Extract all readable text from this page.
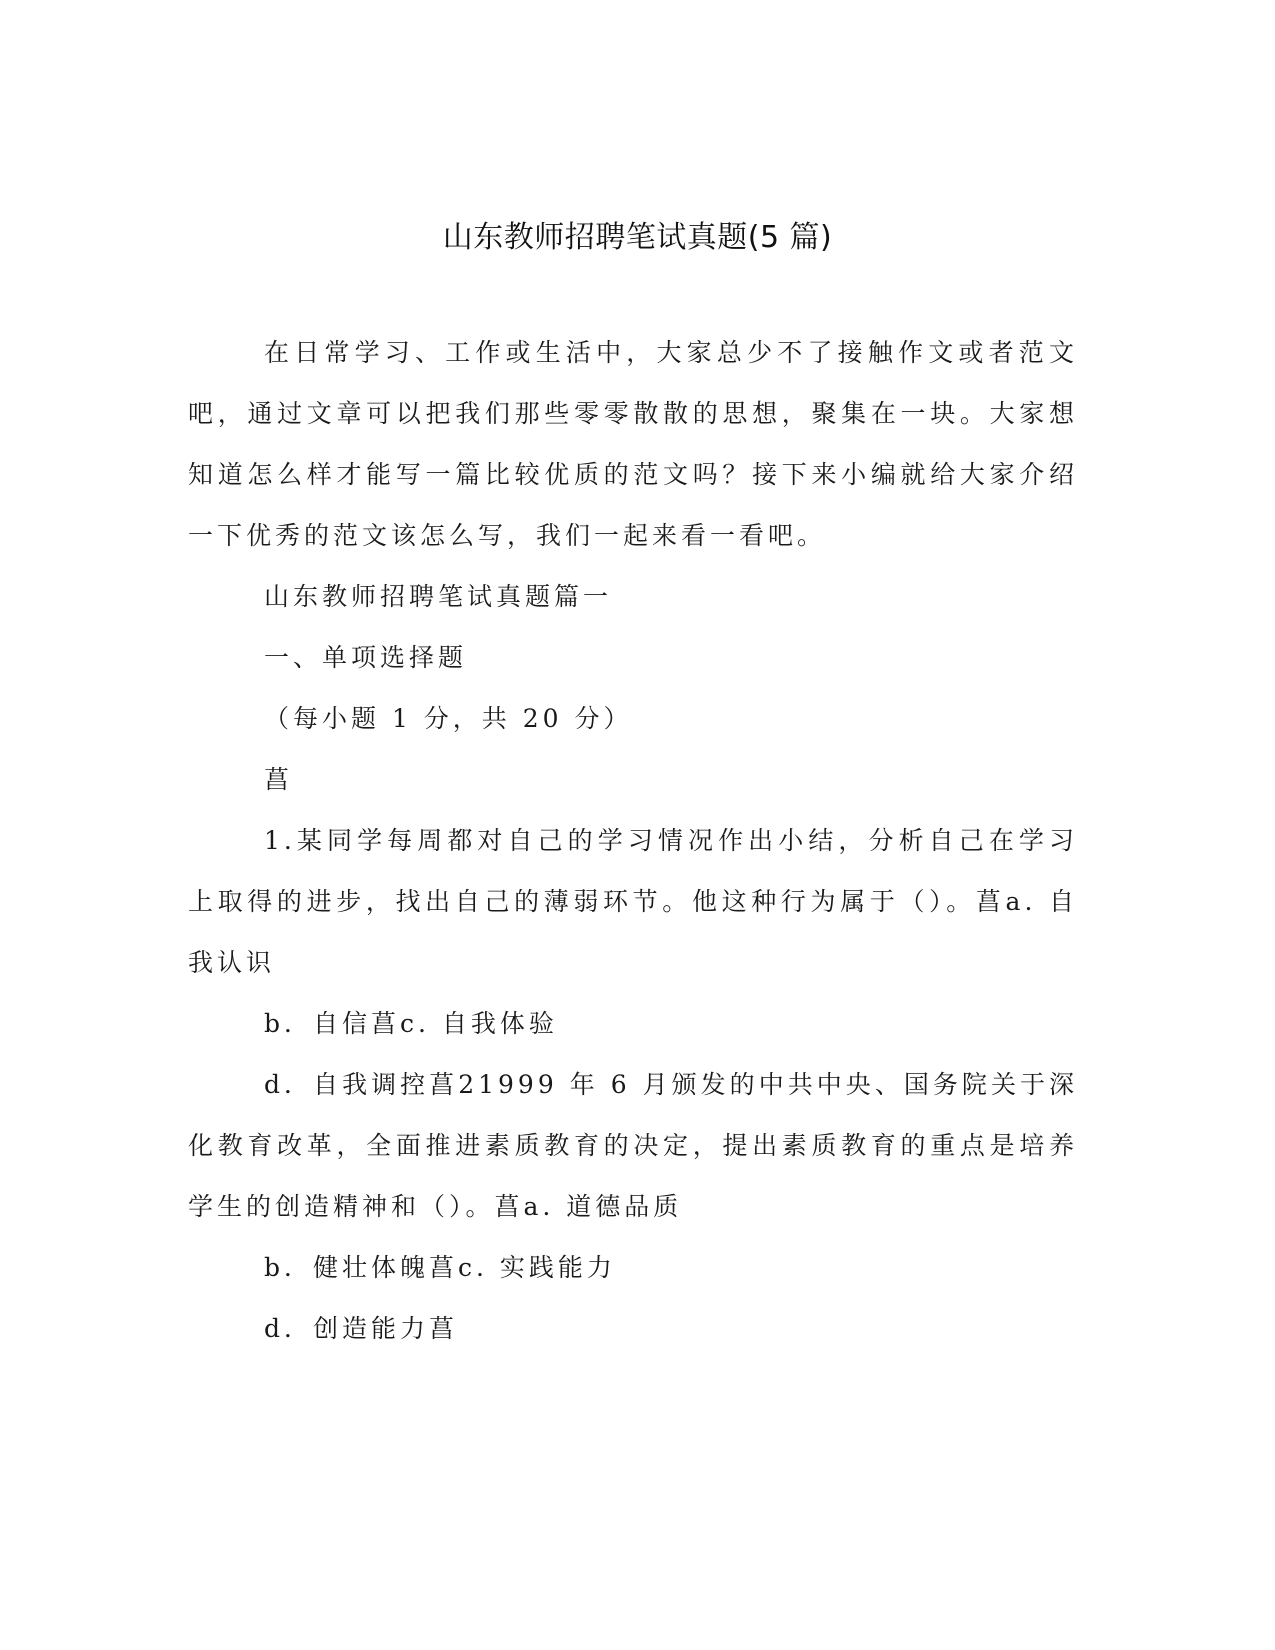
山东教师招聘笔试真题(5 篇)

在日常学习、工作或生活中，大家总少不了接触作文或者范文吧，通过文章可以把我们那些零零散散的思想，聚集在一块。大家想知道怎么样才能写一篇比较优质的范文吗？接下来小编就给大家介绍一下优秀的范文该怎么写，我们一起来看一看吧。

山东教师招聘笔试真题篇一

一、单项选择题

（每小题 1 分，共 20 分）

菖

1.某同学每周都对自己的学习情况作出小结，分析自己在学习上取得的进步，找出自己的薄弱环节。他这种行为属于（）。菖a. 自我认识

b．自信菖c. 自我体验

d．自我调控菖21999 年 6 月颁发的中共中央、国务院关于深化教育改革，全面推进素质教育的决定，提出素质教育的重点是培养学生的创造精神和（）。菖a. 道德品质

b．健壮体魄菖c. 实践能力

d．创造能力菖
